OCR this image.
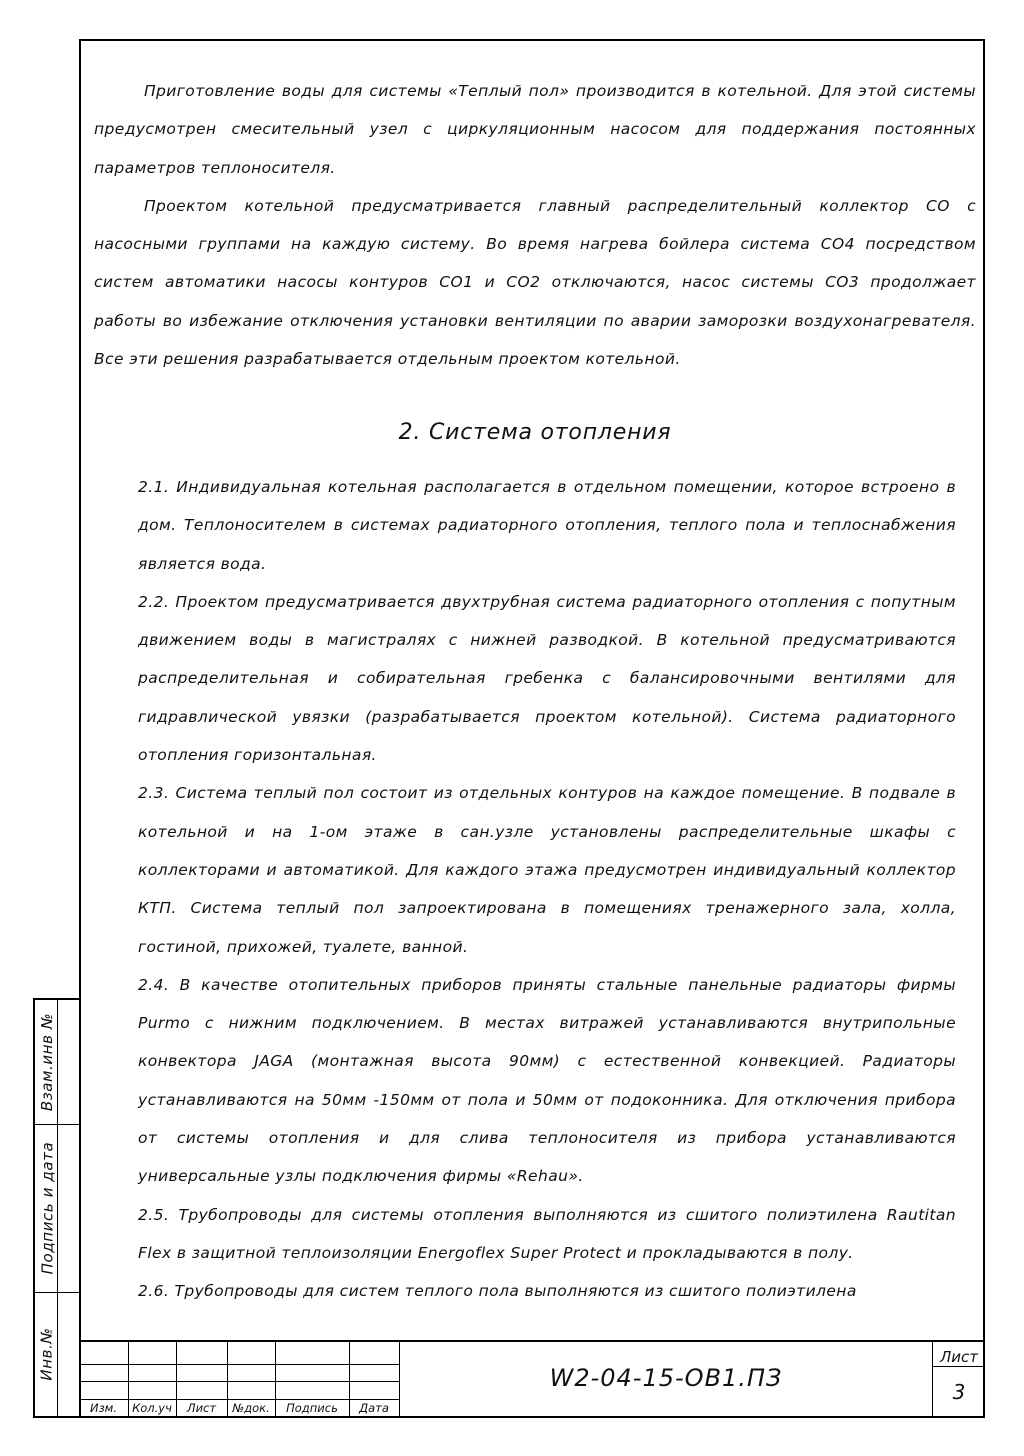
Приготовление воды для системы «Теплый пол» производится в котельной. Для этой системы предусмотрен смесительный узел с циркуляционным насосом для поддержания постоянных параметров теплоносителя.

Проектом котельной предусматривается главный распределительный коллектор СО с насосными группами на каждую систему. Во время нагрева бойлера система СО4 посредством систем автоматики насосы контуров СО1 и СО2 отключаются, насос системы СО3 продолжает работы во избежание отключения установки вентиляции по аварии заморозки воздухонагревателя. Все эти решения разрабатывается отдельным проектом котельной.

2. Система отопления

2.1. Индивидуальная котельная располагается в отдельном помещении, которое встроено в дом. Теплоносителем в системах радиаторного отопления, теплого пола и теплоснабжения является вода.

2.2. Проектом предусматривается двухтрубная система радиаторного отопления с попутным движением воды в магистралях с нижней разводкой. В котельной предусматриваются распределительная и собирательная гребенка с балансировочными вентилями для гидравлической увязки (разрабатывается проектом котельной). Система радиаторного отопления горизонтальная.

2.3. Система теплый пол состоит из отдельных контуров на каждое помещение. В подвале в котельной и на 1-ом этаже в сан.узле установлены распределительные шкафы с коллекторами и автоматикой. Для каждого этажа предусмотрен индивидуальный коллектор КТП. Система теплый пол запроектирована в помещениях тренажерного зала, холла, гостиной, прихожей, туалете, ванной.

2.4. В качестве отопительных приборов приняты стальные панельные радиаторы фирмы Purmo с нижним подключением. В местах витражей устанавливаются внутрипольные конвектора JAGA (монтажная высота 90мм) с естественной конвекцией. Радиаторы устанавливаются на 50мм -150мм от пола и 50мм от подоконника. Для отключения прибора от системы отопления и для слива теплоносителя из прибора устанавливаются универсальные узлы подключения фирмы «Rehau».

2.5. Трубопроводы для системы отопления выполняются из сшитого полиэтилена Rautitan Flex в защитной теплоизоляции Energoflex Super Protect и прокладываются в полу.

2.6. Трубопроводы для систем теплого пола выполняются из сшитого полиэтилена

Взам.инв №
Подпись и дата
Инв.№
Изм.	Кол.уч	Лист	№док.	Подпись	Дата
W2-04-15-ОВ1.ПЗ
Лист
3
